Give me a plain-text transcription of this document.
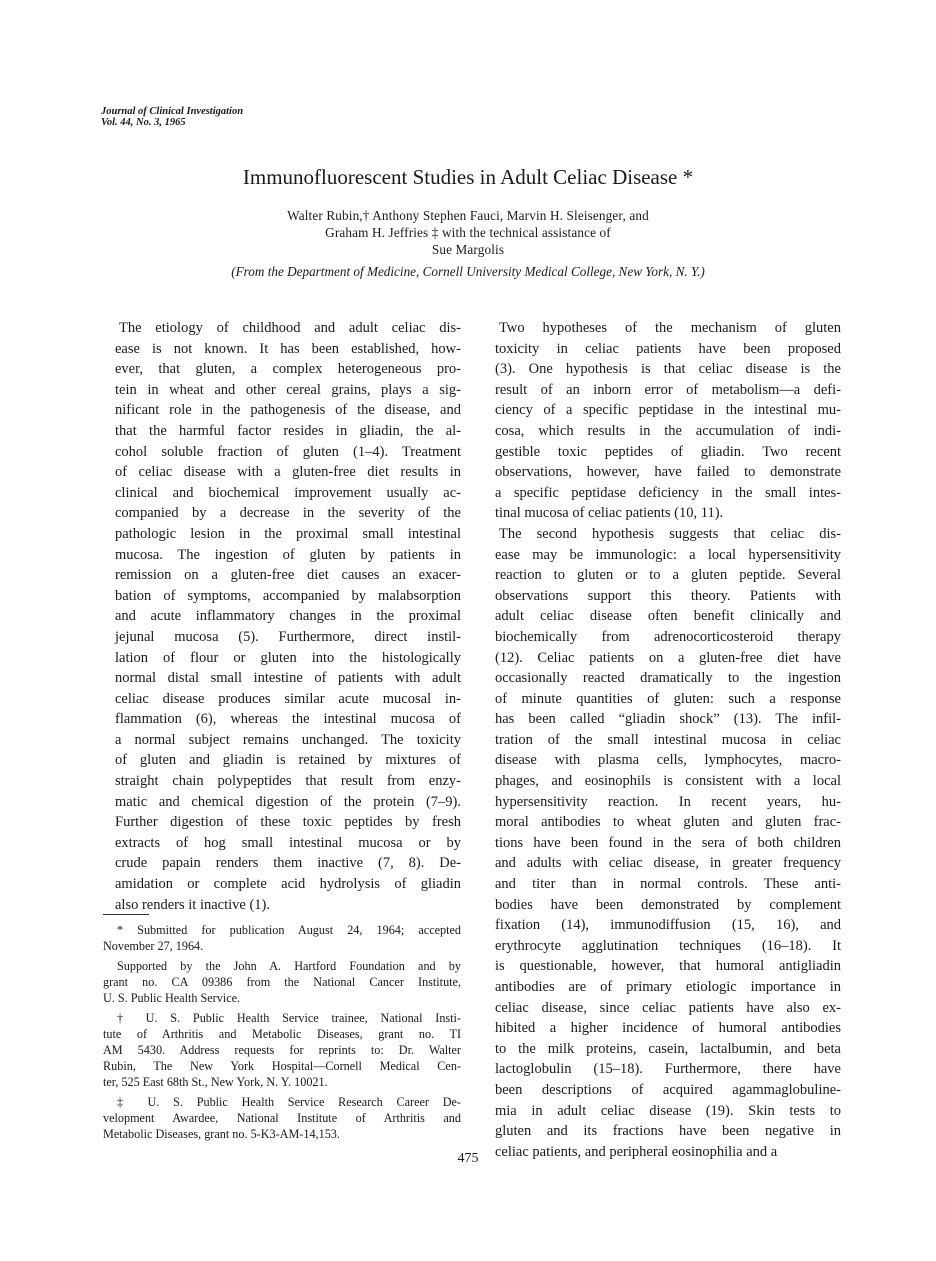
Journal of Clinical Investigation
Vol. 44, No. 3, 1965
Immunofluorescent Studies in Adult Celiac Disease *
Walter Rubin,† Anthony Stephen Fauci, Marvin H. Sleisenger, and
Graham H. Jeffries ‡ with the technical assistance of
Sue Margolis
(From the Department of Medicine, Cornell University Medical College, New York, N. Y.)
The etiology of childhood and adult celiac dis-
ease is not known. It has been established, how-
ever, that gluten, a complex heterogeneous pro-
tein in wheat and other cereal grains, plays a sig-
nificant role in the pathogenesis of the disease, and
that the harmful factor resides in gliadin, the al-
cohol soluble fraction of gluten (1–4). Treatment
of celiac disease with a gluten-free diet results in
clinical and biochemical improvement usually ac-
companied by a decrease in the severity of the
pathologic lesion in the proximal small intestinal
mucosa. The ingestion of gluten by patients in
remission on a gluten-free diet causes an exacer-
bation of symptoms, accompanied by malabsorption
and acute inflammatory changes in the proximal
jejunal mucosa (5). Furthermore, direct instil-
lation of flour or gluten into the histologically
normal distal small intestine of patients with adult
celiac disease produces similar acute mucosal in-
flammation (6), whereas the intestinal mucosa of
a normal subject remains unchanged. The toxicity
of gluten and gliadin is retained by mixtures of
straight chain polypeptides that result from enzy-
matic and chemical digestion of the protein (7–9).
Further digestion of these toxic peptides by fresh
extracts of hog small intestinal mucosa or by
crude papain renders them inactive (7, 8). De-
amidation or complete acid hydrolysis of gliadin
also renders it inactive (1).
Two hypotheses of the mechanism of gluten
toxicity in celiac patients have been proposed
(3). One hypothesis is that celiac disease is the
result of an inborn error of metabolism—a defi-
ciency of a specific peptidase in the intestinal mu-
cosa, which results in the accumulation of indi-
gestible toxic peptides of gliadin. Two recent
observations, however, have failed to demonstrate
a specific peptidase deficiency in the small intes-
tinal mucosa of celiac patients (10, 11).
The second hypothesis suggests that celiac dis-
ease may be immunologic: a local hypersensitivity
reaction to gluten or to a gluten peptide. Several
observations support this theory. Patients with
adult celiac disease often benefit clinically and
biochemically from adrenocorticosteroid therapy
(12). Celiac patients on a gluten-free diet have
occasionally reacted dramatically to the ingestion
of minute quantities of gluten: such a response
has been called “gliadin shock” (13). The infil-
tration of the small intestinal mucosa in celiac
disease with plasma cells, lymphocytes, macro-
phages, and eosinophils is consistent with a local
hypersensitivity reaction. In recent years, hu-
moral antibodies to wheat gluten and gluten frac-
tions have been found in the sera of both children
and adults with celiac disease, in greater frequency
and titer than in normal controls. These anti-
bodies have been demonstrated by complement
fixation (14), immunodiffusion (15, 16), and
erythrocyte agglutination techniques (16–18). It
is questionable, however, that humoral antigliadin
antibodies are of primary etiologic importance in
celiac disease, since celiac patients have also ex-
hibited a higher incidence of humoral antibodies
to the milk proteins, casein, lactalbumin, and beta
lactoglobulin (15–18). Furthermore, there have
been descriptions of acquired agammaglobuline-
mia in adult celiac disease (19). Skin tests to
gluten and its fractions have been negative in
celiac patients, and peripheral eosinophilia and a
* Submitted for publication August 24, 1964; accepted
November 27, 1964.
Supported by the John A. Hartford Foundation and by
grant no. CA 09386 from the National Cancer Institute,
U. S. Public Health Service.
† U. S. Public Health Service trainee, National Insti-
tute of Arthritis and Metabolic Diseases, grant no. TI
AM 5430. Address requests for reprints to: Dr. Walter
Rubin, The New York Hospital—Cornell Medical Cen-
ter, 525 East 68th St., New York, N. Y. 10021.
‡ U. S. Public Health Service Research Career De-
velopment Awardee, National Institute of Arthritis and
Metabolic Diseases, grant no. 5-K3-AM-14,153.
475
